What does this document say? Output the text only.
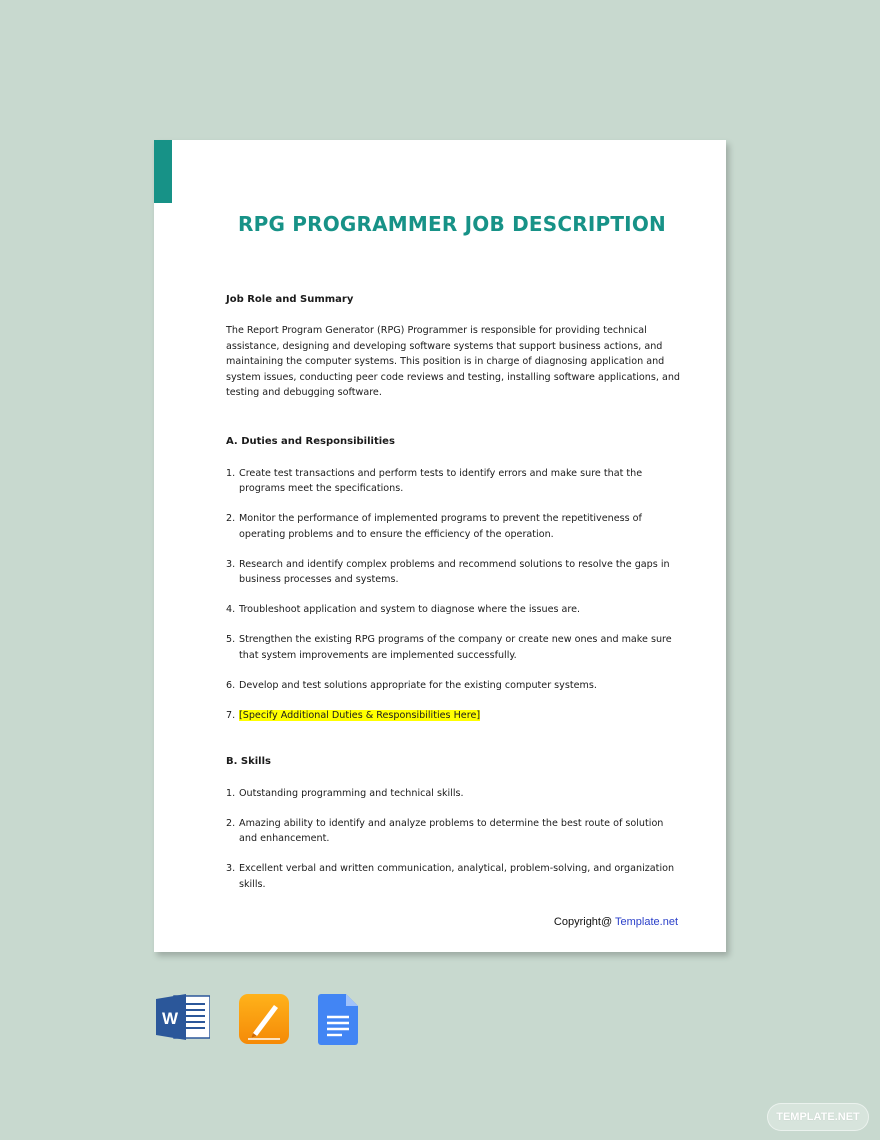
RPG PROGRAMMER JOB DESCRIPTION
Job Role and Summary

The Report Program Generator (RPG) Programmer is responsible for providing technical assistance, designing and developing software systems that support business actions, and maintaining the computer systems. This position is in charge of diagnosing application and system issues, conducting peer code reviews and testing, installing software applications, and testing and debugging software.

A. Duties and Responsibilities
1. Create test transactions and perform tests to identify errors and make sure that the programs meet the specifications.
2. Monitor the performance of implemented programs to prevent the repetitiveness of operating problems and to ensure the efficiency of the operation.
3. Research and identify complex problems and recommend solutions to resolve the gaps in business processes and systems.
4. Troubleshoot application and system to diagnose where the issues are.
5. Strengthen the existing RPG programs of the company or create new ones and make sure that system improvements are implemented successfully.
6. Develop and test solutions appropriate for the existing computer systems.
7. [Specify Additional Duties & Responsibilities Here]
B. Skills
1. Outstanding programming and technical skills.
2. Amazing ability to identify and analyze problems to determine the best route of solution and enhancement.
3. Excellent verbal and written communication, analytical, problem-solving, and organization skills.
Copyright@ Template.net
W
TEMPLATE.NET
